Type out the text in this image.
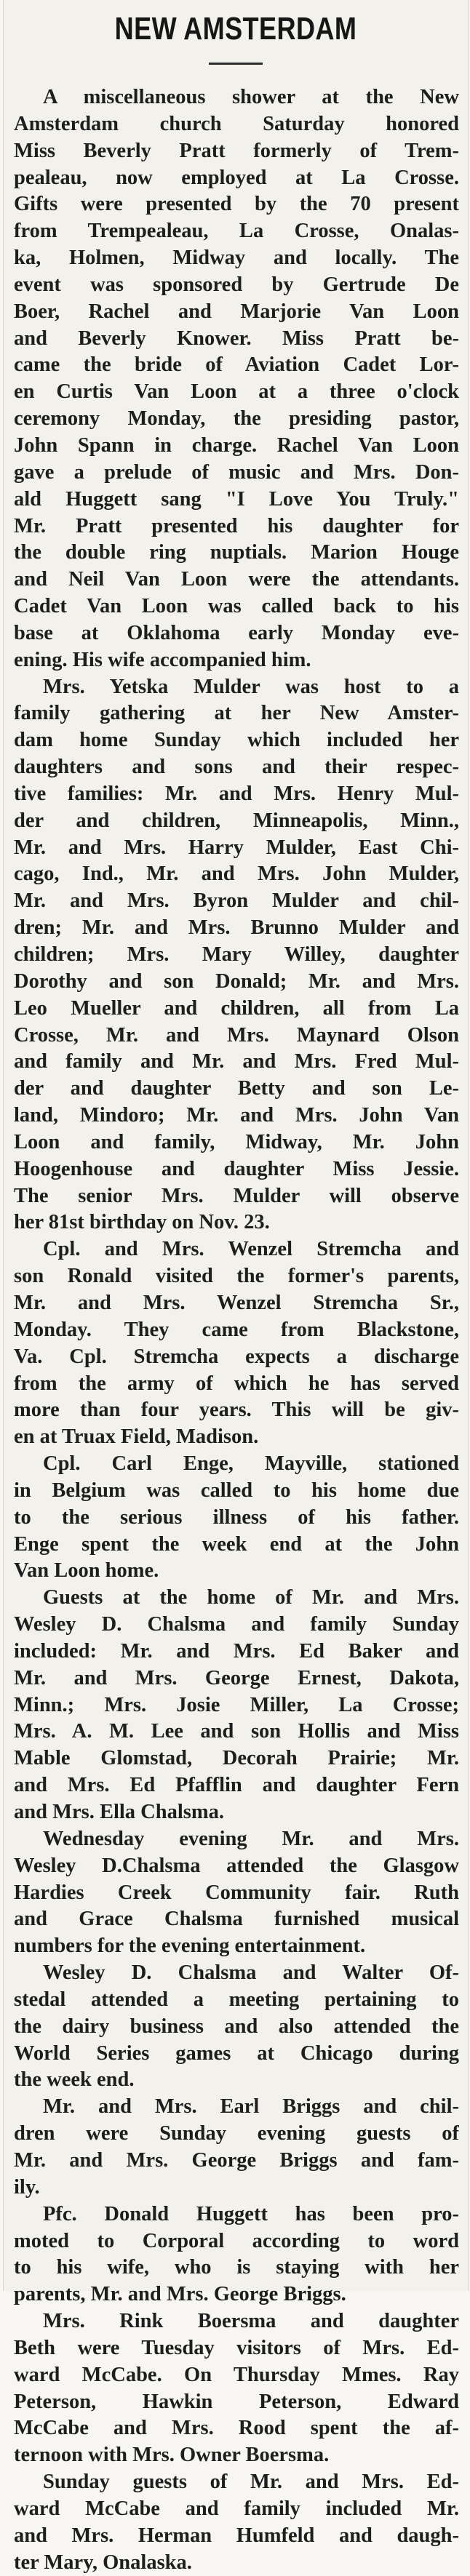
NEW AMSTERDAM
A miscellaneous shower at the New
Amsterdam church Saturday honored
Miss Beverly Pratt formerly of Trem-
pealeau, now employed at La Crosse.
Gifts were presented by the 70 present
from Trempealeau, La Crosse, Onalas-
ka, Holmen, Midway and locally. The
event was sponsored by Gertrude De
Boer, Rachel and Marjorie Van Loon
and Beverly Knower. Miss Pratt be-
came the bride of Aviation Cadet Lor-
en Curtis Van Loon at a three o'clock
ceremony Monday, the presiding pastor,
John Spann in charge. Rachel Van Loon
gave a prelude of music and Mrs. Don-
ald Huggett sang "I Love You Truly."
Mr. Pratt presented his daughter for
the double ring nuptials. Marion Houge
and Neil Van Loon were the attendants.
Cadet Van Loon was called back to his
base at Oklahoma early Monday eve-
ening. His wife accompanied him.
Mrs. Yetska Mulder was host to a
family gathering at her New Amster-
dam home Sunday which included her
daughters and sons and their respec-
tive families: Mr. and Mrs. Henry Mul-
der and children, Minneapolis, Minn.,
Mr. and Mrs. Harry Mulder, East Chi-
cago, Ind., Mr. and Mrs. John Mulder,
Mr. and Mrs. Byron Mulder and chil-
dren; Mr. and Mrs. Brunno Mulder and
children; Mrs. Mary Willey, daughter
Dorothy and son Donald; Mr. and Mrs.
Leo Mueller and children, all from La
Crosse, Mr. and Mrs. Maynard Olson
and family and Mr. and Mrs. Fred Mul-
der and daughter Betty and son Le-
land, Mindoro; Mr. and Mrs. John Van
Loon and family, Midway, Mr. John
Hoogenhouse and daughter Miss Jessie.
The senior Mrs. Mulder will observe
her 81st birthday on Nov. 23.
Cpl. and Mrs. Wenzel Stremcha and
son Ronald visited the former's parents,
Mr. and Mrs. Wenzel Stremcha Sr.,
Monday. They came from Blackstone,
Va. Cpl. Stremcha expects a discharge
from the army of which he has served
more than four years. This will be giv-
en at Truax Field, Madison.
Cpl. Carl Enge, Mayville, stationed
in Belgium was called to his home due
to the serious illness of his father.
Enge spent the week end at the John
Van Loon home.
Guests at the home of Mr. and Mrs.
Wesley D. Chalsma and family Sunday
included: Mr. and Mrs. Ed Baker and
Mr. and Mrs. George Ernest, Dakota,
Minn.; Mrs. Josie Miller, La Crosse;
Mrs. A. M. Lee and son Hollis and Miss
Mable Glomstad, Decorah Prairie; Mr.
and Mrs. Ed Pfafflin and daughter Fern
and Mrs. Ella Chalsma.
Wednesday evening Mr. and Mrs.
Wesley D.Chalsma attended the Glasgow
Hardies Creek Community fair. Ruth
and Grace Chalsma furnished musical
numbers for the evening entertainment.
Wesley D. Chalsma and Walter Of-
stedal attended a meeting pertaining to
the dairy business and also attended the
World Series games at Chicago during
the week end.
Mr. and Mrs. Earl Briggs and chil-
dren were Sunday evening guests of
Mr. and Mrs. George Briggs and fam-
ily.
Pfc. Donald Huggett has been pro-
moted to Corporal according to word
to his wife, who is staying with her
parents, Mr. and Mrs. George Briggs.
Mrs. Rink Boersma and daughter
Beth were Tuesday visitors of Mrs. Ed-
ward McCabe. On Thursday Mmes. Ray
Peterson, Hawkin Peterson, Edward
McCabe and Mrs. Rood spent the af-
ternoon with Mrs. Owner Boersma.
Sunday guests of Mr. and Mrs. Ed-
ward McCabe and family included Mr.
and Mrs. Herman Humfeld and daugh-
ter Mary, Onalaska.
